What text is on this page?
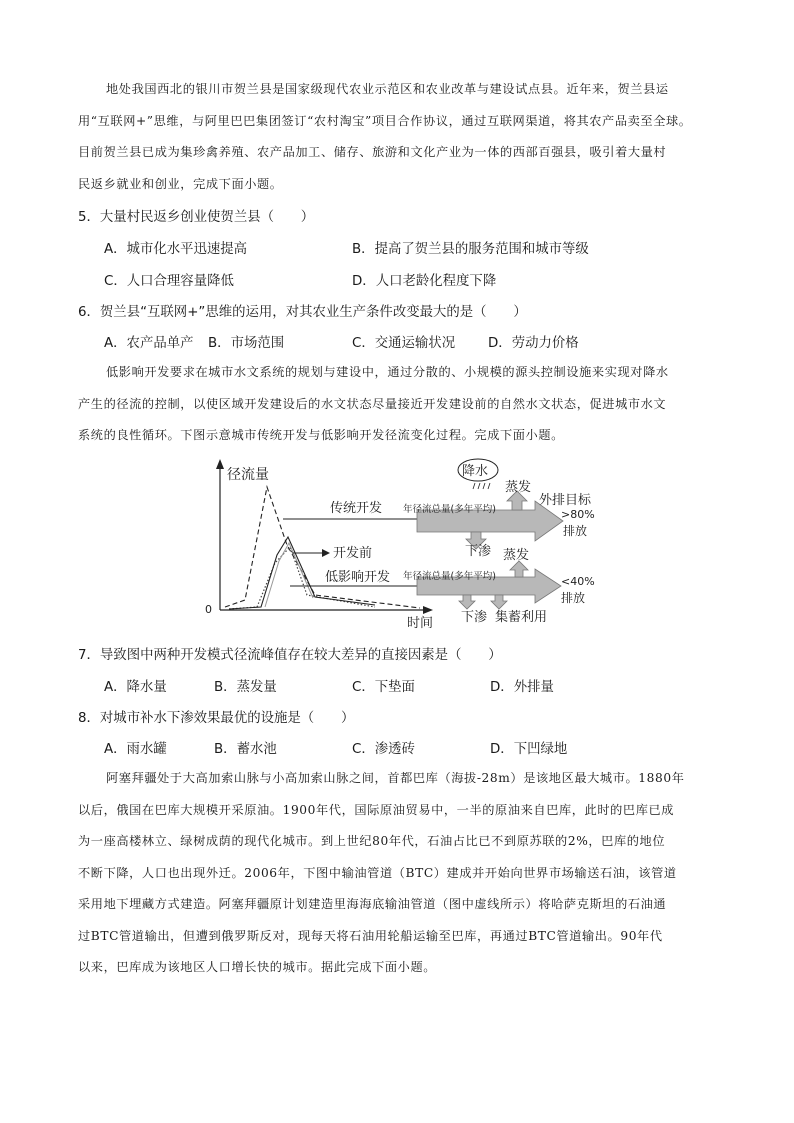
地处我国西北的银川市贺兰县是国家级现代农业示范区和农业改革与建设试点县。近年来，贺兰县运
用“互联网+”思维，与阿里巴巴集团签订“农村淘宝”项目合作协议，通过互联网渠道，将其农产品卖至全球。
目前贺兰县已成为集珍禽养殖、农产品加工、储存、旅游和文化产业为一体的西部百强县，吸引着大量村
民返乡就业和创业，完成下面小题。
5．大量村民返乡创业使贺兰县（　　）
A．城市化水平迅速提高	B．提高了贺兰县的服务范围和城市等级
C．人口合理容量降低	D．人口老龄化程度下降
6．贺兰县“互联网+”思维的运用，对其农业生产条件改变最大的是（　　）
A．农产品单产 B．市场范围	C．交通运输状况 D．劳动力价格
低影响开发要求在城市水文系统的规划与建设中，通过分散的、小规模的源头控制设施来实现对降水
产生的径流的控制，以使区域开发建设后的水文状态尽量接近开发建设前的自然水文状态，促进城市水文
系统的良性循环。下图示意城市传统开发与低影响开发径流变化过程。完成下面小题。
径流量
时间
0
传统开发
开发前
低影响开发
降水
年径流总量(多年平均)
蒸发
外排目标
>80%
排放
下渗
年径流总量(多年平均)
蒸发
<40%
排放
下渗 集蓄利用
7．导致图中两种开发模式径流峰值存在较大差异的直接因素是（　　）
A．降水量	B．蒸发量	C．下垫面	D．外排量
8．对城市补水下渗效果最优的设施是（　　）
A．雨水罐	B．蓄水池	C．渗透砖	D．下凹绿地
阿塞拜疆处于大高加索山脉与小高加索山脉之间，首都巴库（海拔-28m）是该地区最大城市。1880年
以后，俄国在巴库大规模开采原油。1900年代，国际原油贸易中，一半的原油来自巴库，此时的巴库已成
为一座高楼林立、绿树成荫的现代化城市。到上世纪80年代，石油占比已不到原苏联的2%，巴库的地位
不断下降，人口也出现外迁。2006年，下图中输油管道（BTC）建成并开始向世界市场输送石油，该管道
采用地下埋藏方式建造。阿塞拜疆原计划建造里海海底输油管道（图中虚线所示）将哈萨克斯坦的石油通
过BTC管道输出，但遭到俄罗斯反对，现每天将石油用轮船运输至巴库，再通过BTC管道输出。90年代
以来，巴库成为该地区人口增长快的城市。据此完成下面小题。
